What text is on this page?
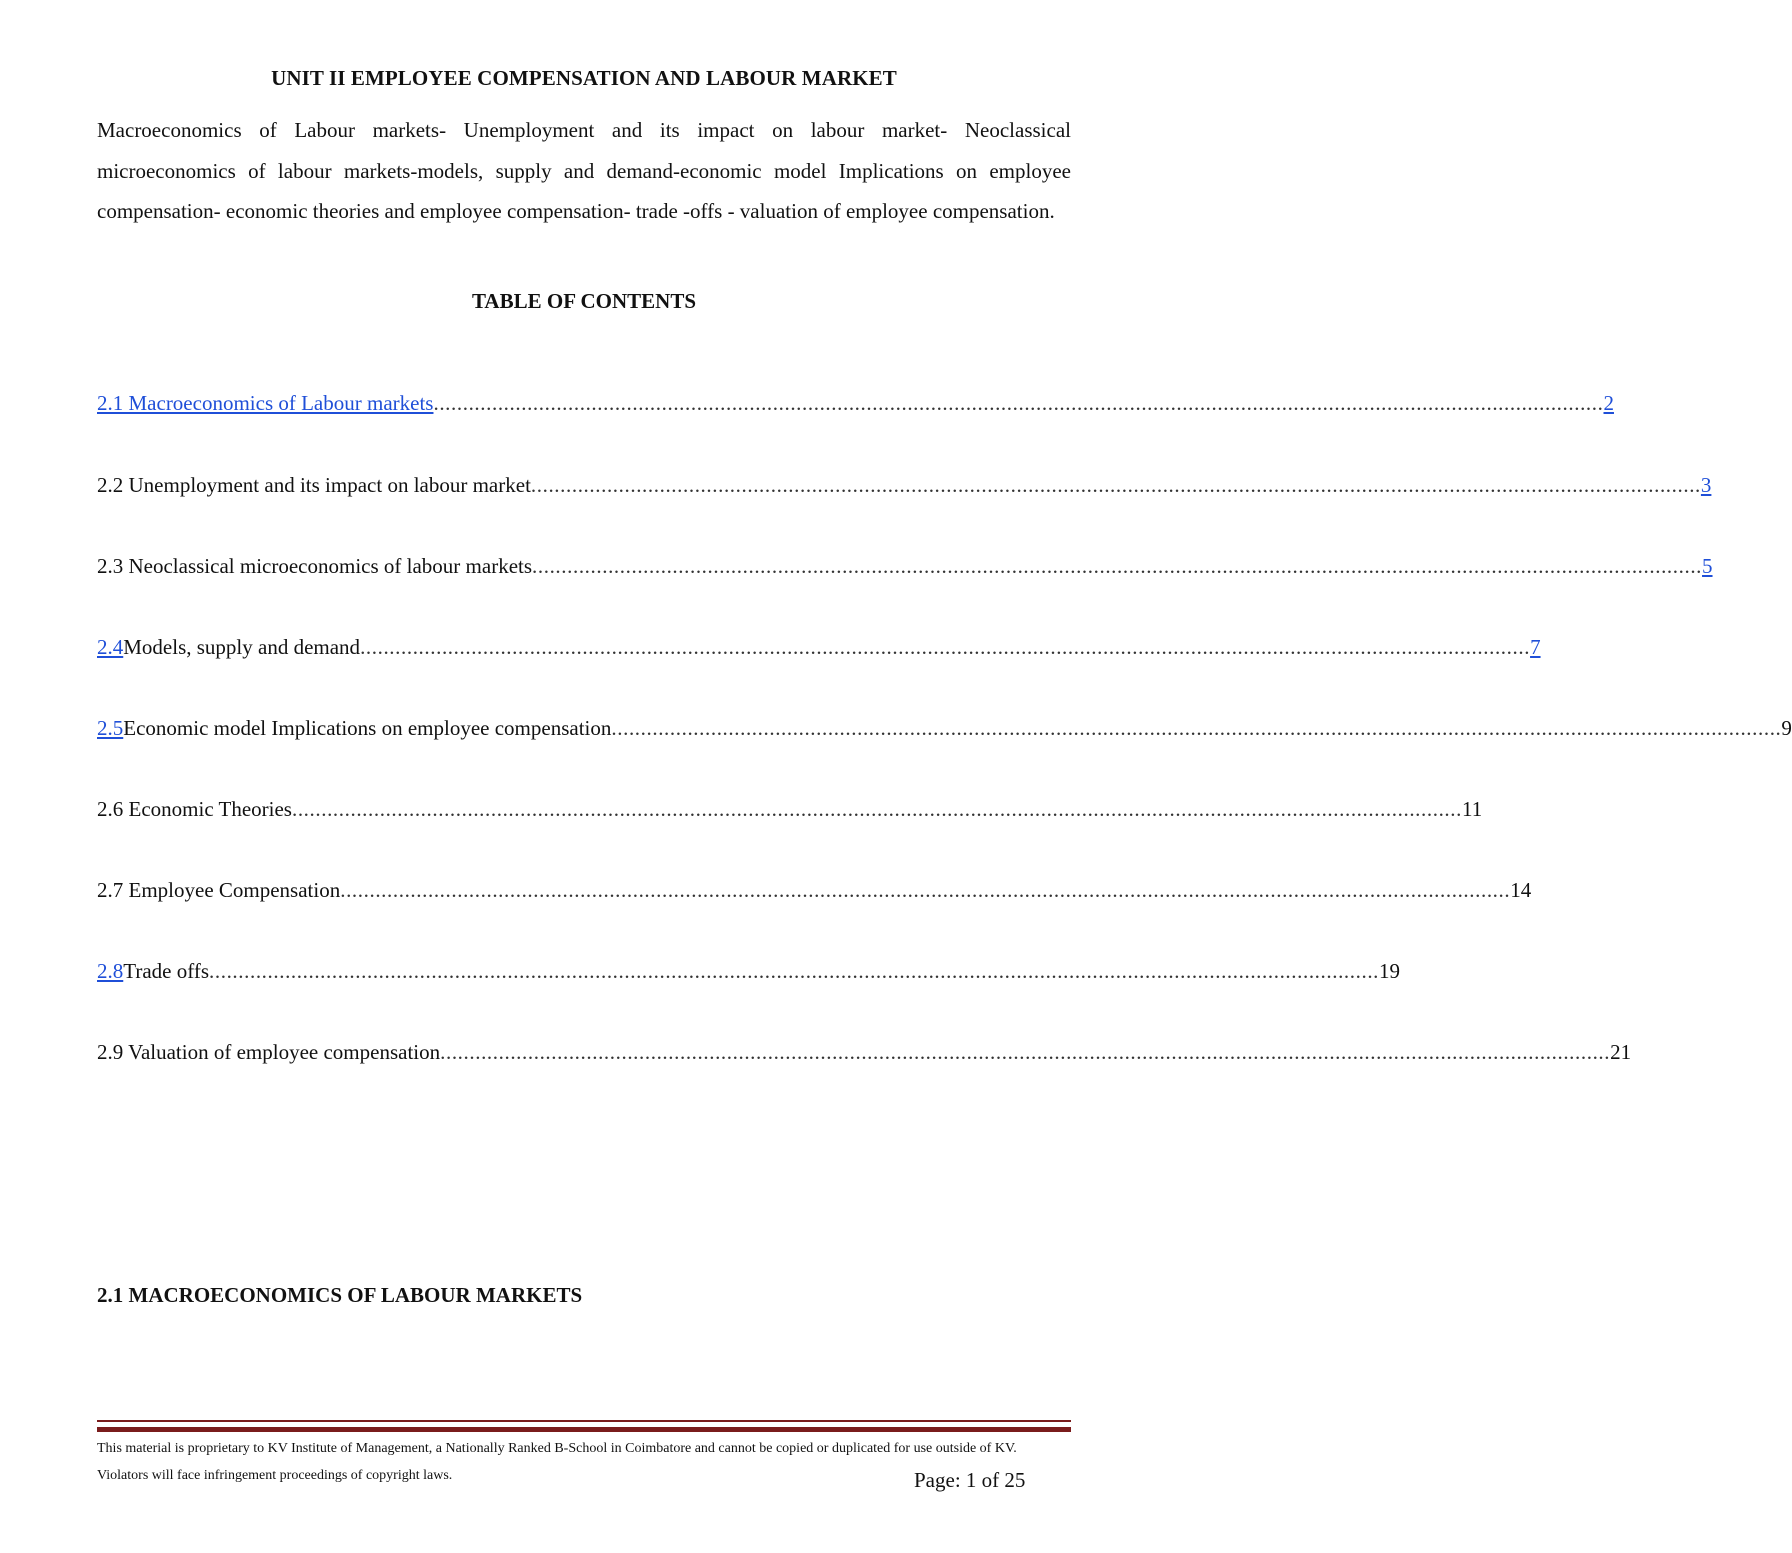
UNIT II EMPLOYEE COMPENSATION AND LABOUR MARKET

Macroeconomics of Labour markets- Unemployment and its impact on labour market- Neoclassical microeconomics of labour markets-models, supply and demand-economic model Implications on employee compensation- economic theories and employee compensation- trade -offs - valuation of employee compensation.

TABLE OF CONTENTS
2.1 Macroeconomics of Labour markets ........................................................................................................................................................................................................ 2
2.2 Unemployment and its impact on labour market ........................................................................................................................................................................................................ 3
2.3 Neoclassical microeconomics of labour markets ........................................................................................................................................................................................................ 5
2.4 Models, supply and demand ........................................................................................................................................................................................................ 7
2.5 Economic model Implications on employee compensation ........................................................................................................................................................................................................ 9
2.6 Economic Theories ........................................................................................................................................................................................................ 11
2.7 Employee Compensation ........................................................................................................................................................................................................ 14
2.8 Trade offs ........................................................................................................................................................................................................ 19
2.9 Valuation of employee compensation ........................................................................................................................................................................................................ 21
2.1 MACROECONOMICS OF LABOUR MARKETS

This material is proprietary to KV Institute of Management, a Nationally Ranked B-School in Coimbatore and cannot be copied or duplicated for use outside of KV. Violators will face infringement proceedings of copyright laws.	Page: 1 of 25
